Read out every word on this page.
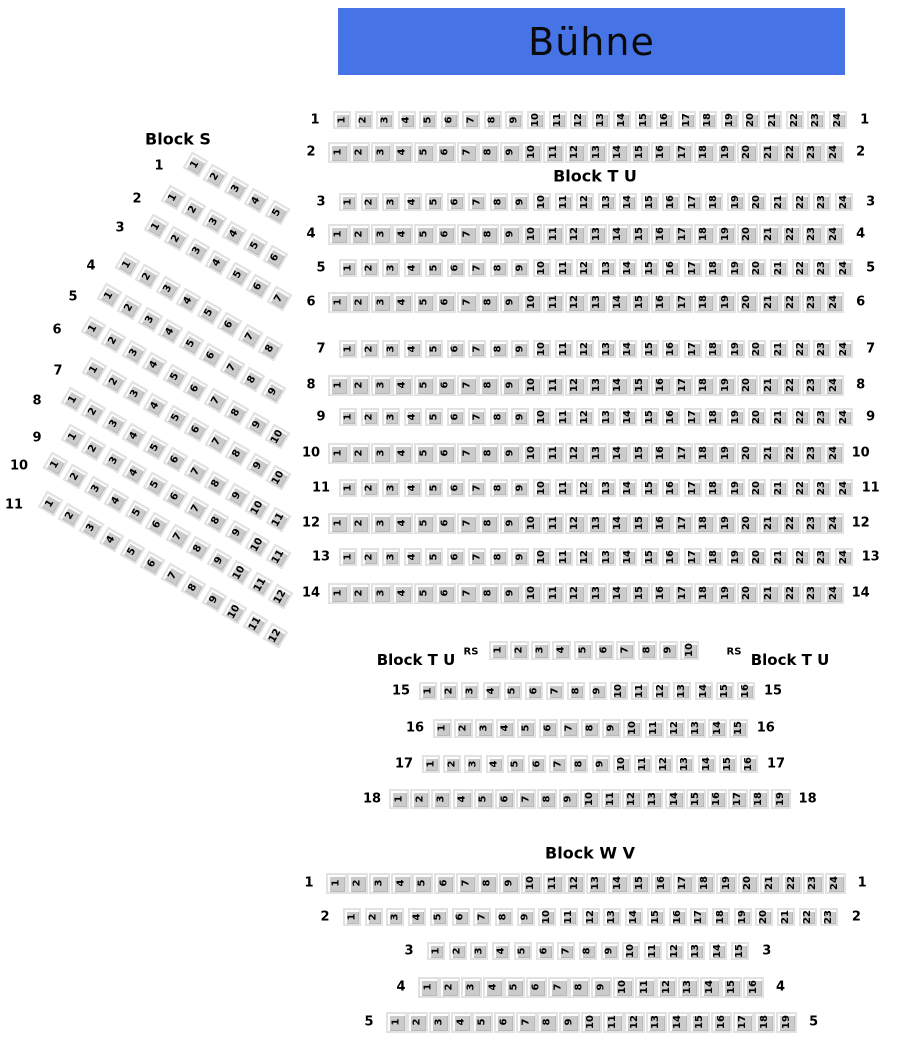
Bühne
Block S
Block T U
Block T U RS	RS Block T U
Block W V
1 1 2 3 4 5 6 7 8 9 10 11 12 13 14 15 16 17 18 19 20 21 22 23 24 1
2 1 2 3 4 5 6 7 8 9 10 11 12 13 14 15 16 17 18 19 20 21 22 23 24 2
3 1 2 3 4 5 6 7 8 9 10 11 12 13 14 15 16 17 18 19 20 21 22 23 24 3
4 1 2 3 4 5 6 7 8 9 10 11 12 13 14 15 16 17 18 19 20 21 22 23 24 4
5 1 2 3 4 5 6 7 8 9 10 11 12 13 14 15 16 17 18 19 20 21 22 23 24 5
6 1 2 3 4 5 6 7 8 9 10 11 12 13 14 15 16 17 18 19 20 21 22 23 24 6
7 1 2 3 4 5 6 7 8 9 10 11 12 13 14 15 16 17 18 19 20 21 22 23 24 7
8 1 2 3 4 5 6 7 8 9 10 11 12 13 14 15 16 17 18 19 20 21 22 23 24 8
9 1 2 3 4 5 6 7 8 9 10 11 12 13 14 15 16 17 18 19 20 21 22 23 24 9
10 1 2 3 4 5 6 7 8 9 10 11 12 13 14 15 16 17 18 19 20 21 22 23 24 10
11 1 2 3 4 5 6 7 8 9 10 11 12 13 14 15 16 17 18 19 20 21 22 23 24 11
12 1 2 3 4 5 6 7 8 9 10 11 12 13 14 15 16 17 18 19 20 21 22 23 24 12
13 1 2 3 4 5 6 7 8 9 10 11 12 13 14 15 16 17 18 19 20 21 22 23 24 13
14 1 2 3 4 5 6 7 8 9 10 11 12 13 14 15 16 17 18 19 20 21 22 23 24 14
1 2 3 4 5 6 7 8 9 10
15 1 2 3 4 5 6 7 8 9 10 11 12 13 14 15 16 15
16 1 2 3 4 5 6 7 8 9 10 11 12 13 14 15 16
17 1 2 3 4 5 6 7 8 9 10 11 12 13 14 15 16 17
18 1 2 3 4 5 6 7 8 9 10 11 12 13 14 15 16 17 18 19 18
1 1 2 3 4 5 6 7 8 9 10 11 12 13 14 15 16 17 18 19 20 21 22 23 24 1
2 1 2 3 4 5 6 7 8 9 10 11 12 13 14 15 16 17 18 19 20 21 22 23 2
3 1 2 3 4 5 6 7 8 9 10 11 12 13 14 15 3
4 1 2 3 4 5 6 7 8 9 10 11 12 13 14 15 16 4
5 1 2 3 4 5 6 7 8 9 10 11 12 13 14 15 16 17 18 19 5
1 1
2
3
4
5
2 1
2
3
4
5
6
3 1
2
3
4
5
6
7
4 1
2
3
4
5
6
7
8
5 1
2
3
4
5
6
7
8
9
6 1
2
3
4
5
6
7
8
9
10
7 1
2
3
4
5
6
7
8
9
10
8 1
2
3
4
5
6
7
8
9
10
11
9 1
2
3
4
5
6
7
8
9
10
11
10 1
2
3
4
5
6
7
8
9
10
11
12
11 1
2
3
4
5
6
7
8
9
10
11
12
